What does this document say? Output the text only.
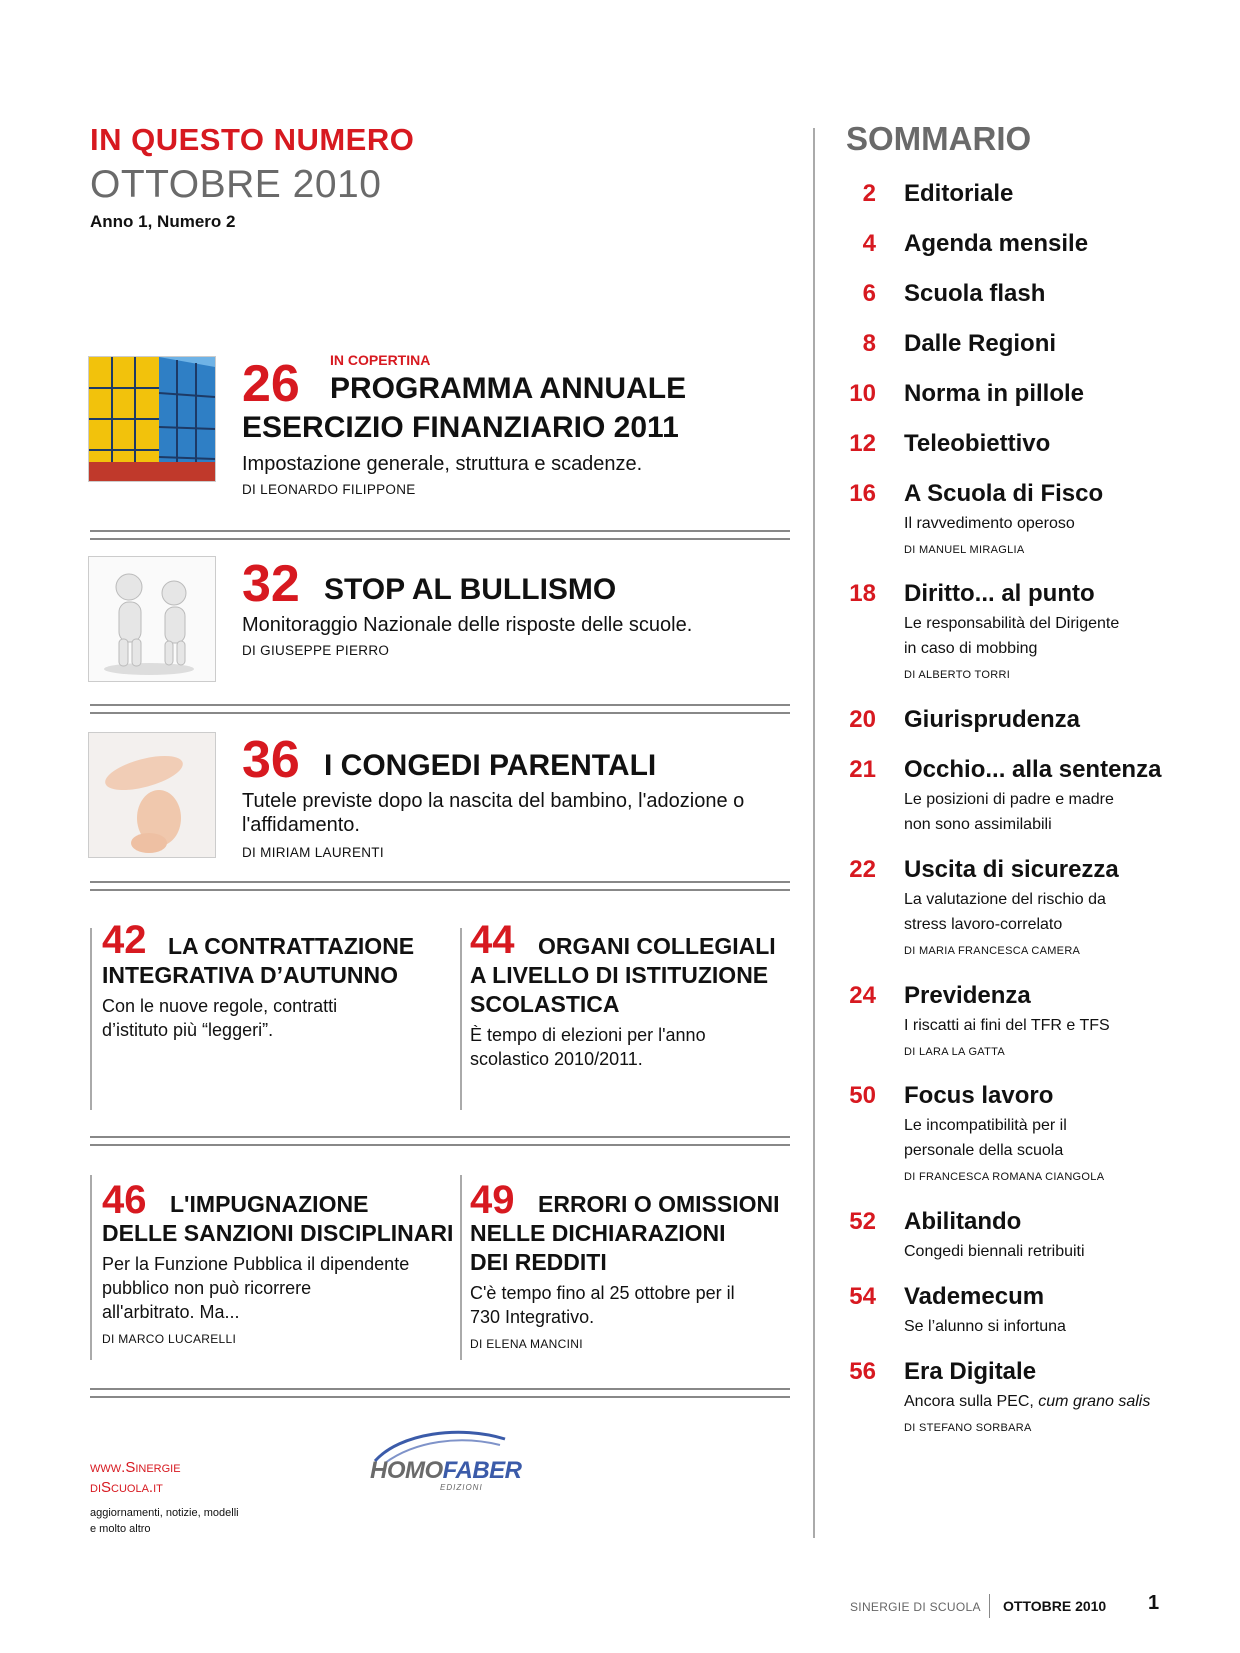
IN QUESTO NUMERO
OTTOBRE 2010
Anno 1, Numero 2
IN COPERTINA
26 PROGRAMMA ANNUALE
ESERCIZIO FINANZIARIO 2011
Impostazione generale, struttura e scadenze.
DI LEONARDO FILIPPONE
32 STOP AL BULLISMO
Monitoraggio Nazionale delle risposte delle scuole.
DI GIUSEPPE PIERRO
36 I CONGEDI PARENTALI
Tutele previste dopo la nascita del bambino, l'adozione o
l'affidamento.
DI MIRIAM LAURENTI
42 LA CONTRATTAZIONE
INTEGRATIVA D’AUTUNNO
Con le nuove regole, contratti
d’istituto più “leggeri”.
44 ORGANI COLLEGIALI
A LIVELLO DI ISTITUZIONE
SCOLASTICA
È tempo di elezioni per l'anno
scolastico 2010/2011.
46 L'IMPUGNAZIONE
DELLE SANZIONI DISCIPLINARI
Per la Funzione Pubblica il dipendente
pubblico non può ricorrere
all'arbitrato. Ma...
DI MARCO LUCARELLI
49 ERRORI O OMISSIONI
NELLE DICHIARAZIONI
DEI REDDITI
C'è tempo fino al 25 ottobre per il
730 Integrativo.
DI ELENA MANCINI
SOMMARIO
2 Editoriale
4 Agenda mensile
6 Scuola flash
8 Dalle Regioni
10 Norma in pillole
12 Teleobiettivo
16 A Scuola di Fisco
Il ravvedimento operoso
DI MANUEL MIRAGLIA
18 Diritto... al punto
Le responsabilità del Dirigente
in caso di mobbing
DI ALBERTO TORRI
20 Giurisprudenza
21 Occhio... alla sentenza
Le posizioni di padre e madre
non sono assimilabili
22 Uscita di sicurezza
La valutazione del rischio da
stress lavoro-correlato
DI MARIA FRANCESCA CAMERA
24 Previdenza
I riscatti ai fini del TFR e TFS
DI LARA LA GATTA
50 Focus lavoro
Le incompatibilità per il
personale della scuola
DI FRANCESCA ROMANA CIANGOLA
52 Abilitando
Congedi biennali retribuiti
54 Vademecum
Se l’alunno si infortuna
56 Era Digitale
Ancora sulla PEC, cum grano salis
DI STEFANO SORBARA
www.Sinergie
diScuola.it
aggiornamenti, notizie, modelli
e molto altro
HOMOFABER
EDIZIONI
SINERGIE DI SCUOLA OTTOBRE 2010 1
